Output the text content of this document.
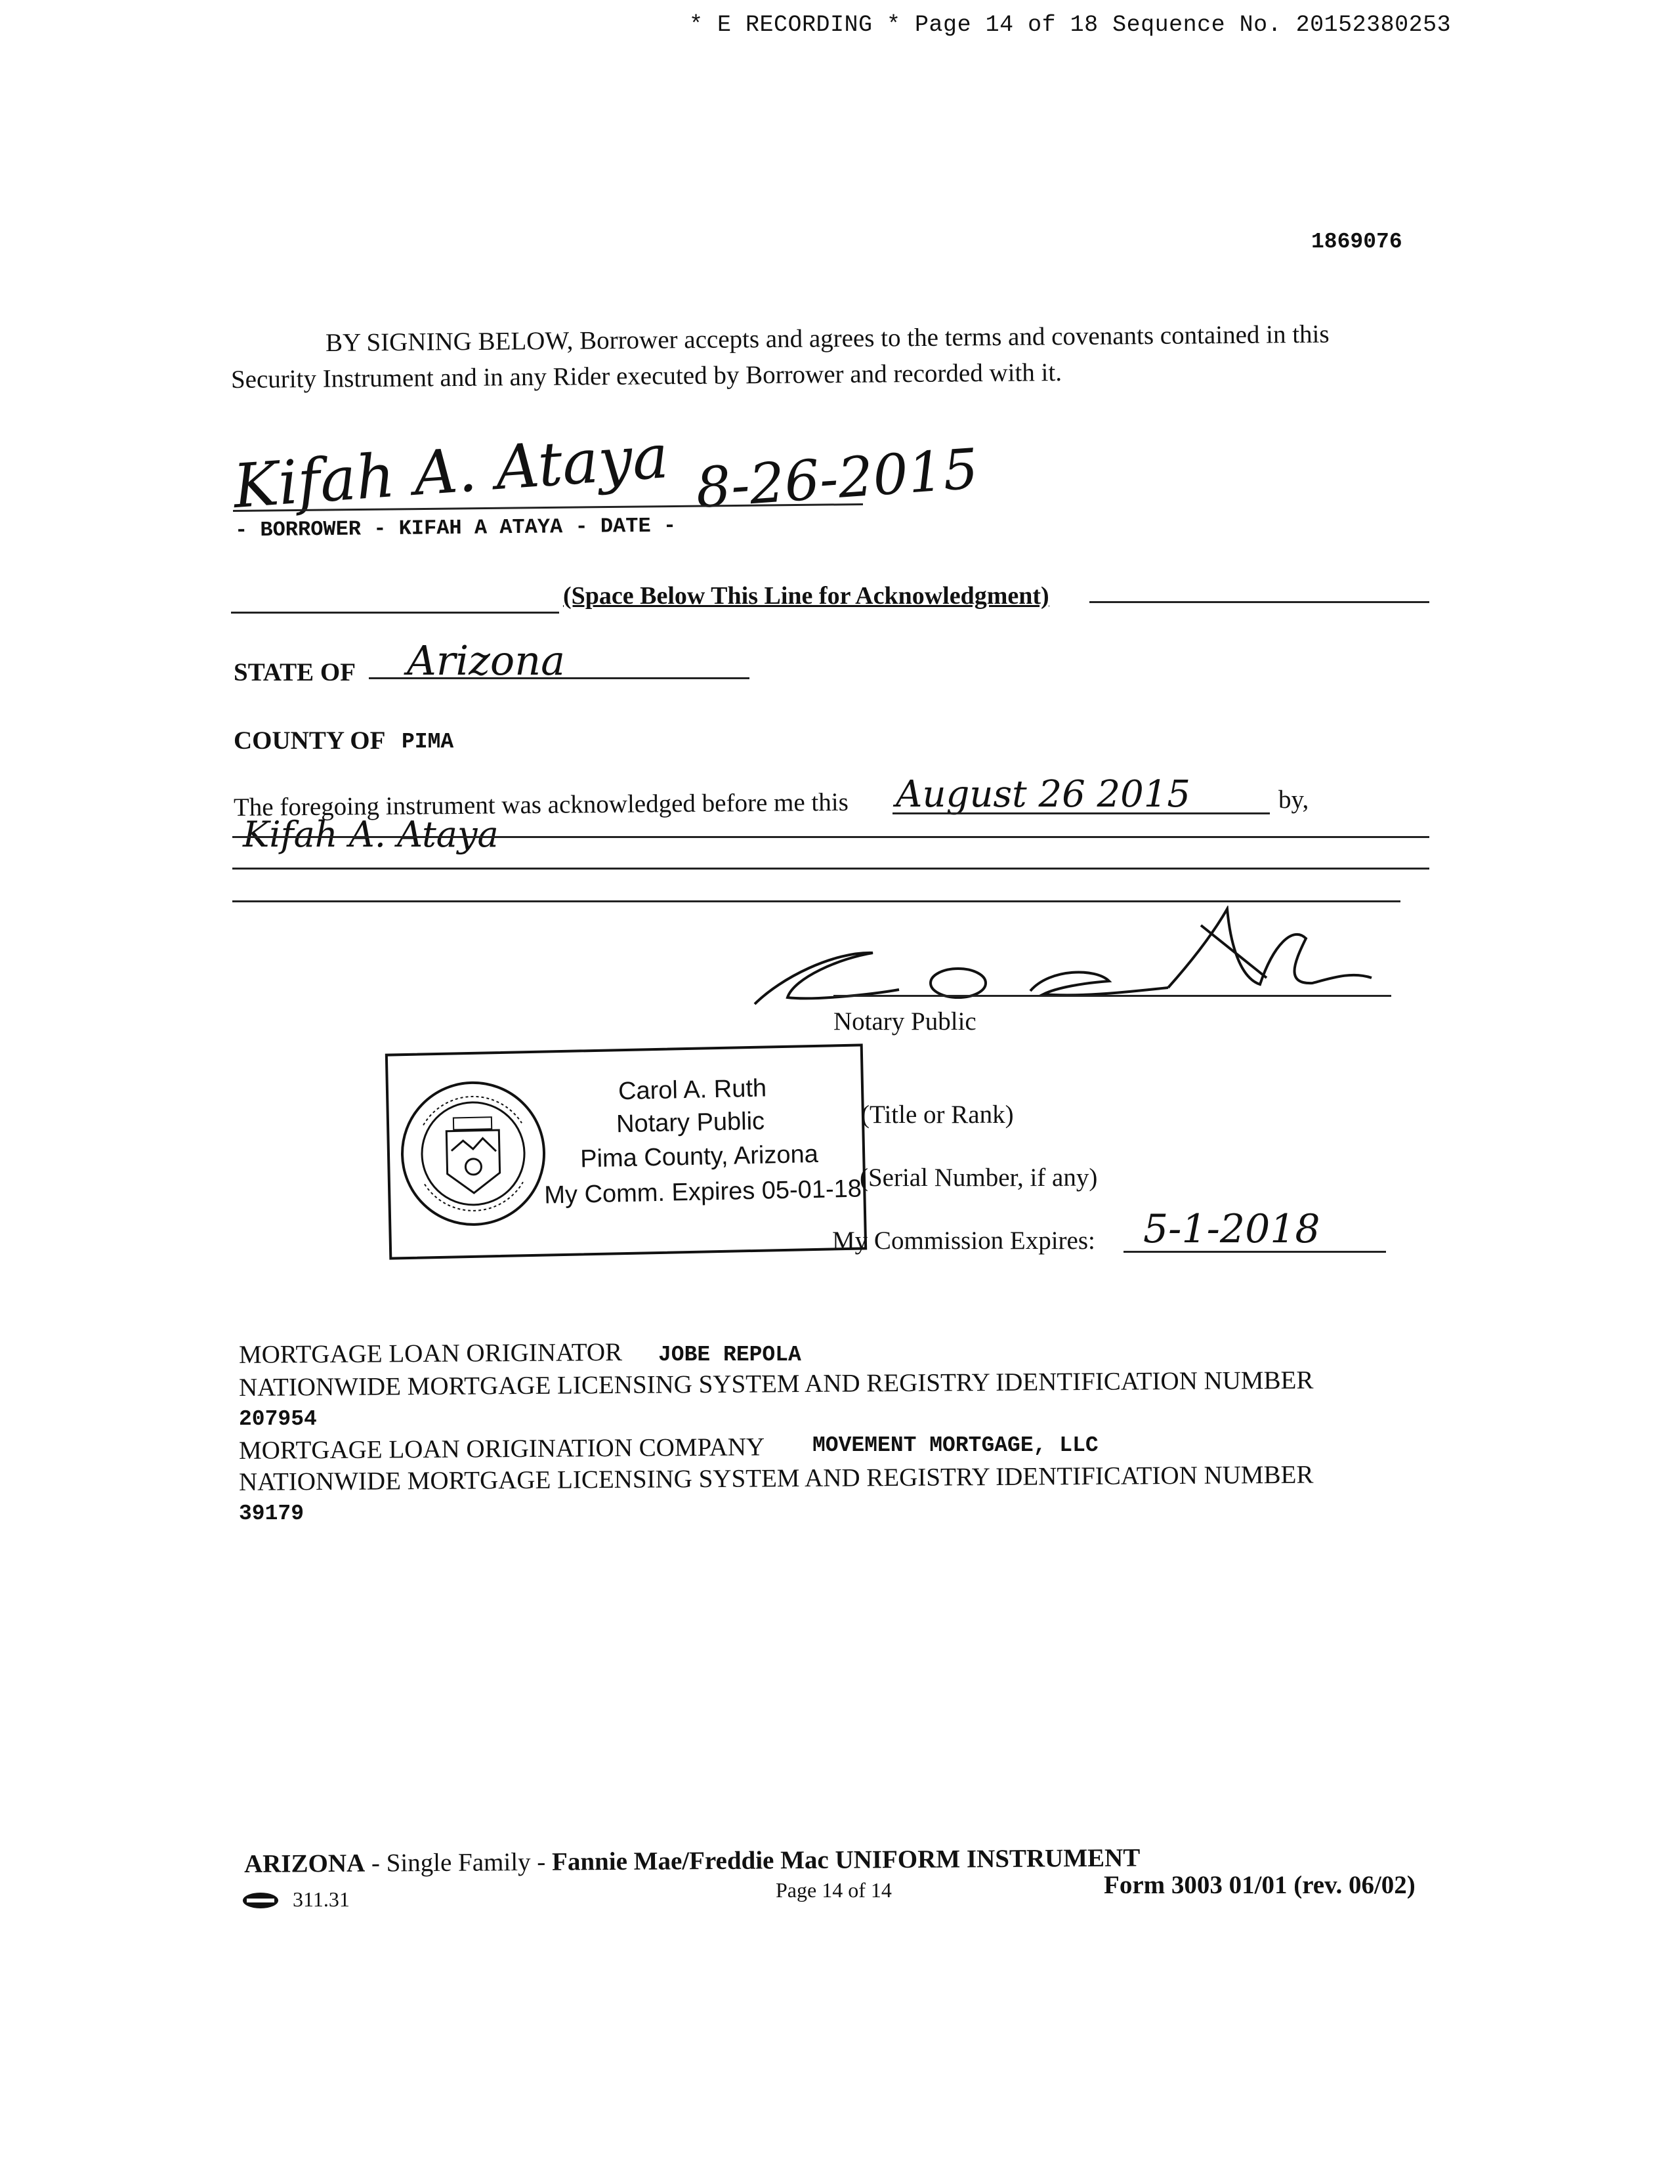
* E RECORDING * Page 14 of 18 Sequence No. 20152380253
1869076
BY SIGNING BELOW, Borrower accepts and agrees to the terms and covenants contained in this
Security Instrument and in any Rider executed by Borrower and recorded with it.
Kifah A. Ataya 8-26-2015
- BORROWER - KIFAH A ATAYA - DATE -
(Space Below This Line for Acknowledgment)
STATE OF Arizona
COUNTY OF PIMA
The foregoing instrument was acknowledged before me this August 26 2015	by,
Kifah A. Ataya
Notary Public
Carol A. Ruth
Notary Public
Pima County, Arizona
My Comm. Expires 05-01-18
(Title or Rank)
(Serial Number, if any)
My Commission Expires: 5-1-2018
MORTGAGE LOAN ORIGINATOR JOBE REPOLA
NATIONWIDE MORTGAGE LICENSING SYSTEM AND REGISTRY IDENTIFICATION NUMBER
207954
MORTGAGE LOAN ORIGINATION COMPANY MOVEMENT MORTGAGE, LLC
NATIONWIDE MORTGAGE LICENSING SYSTEM AND REGISTRY IDENTIFICATION NUMBER
39179
ARIZONA - Single Family - Fannie Mae/Freddie Mac UNIFORM INSTRUMENT
311.31	Page 14 of 14	Form 3003 01/01 (rev. 06/02)
